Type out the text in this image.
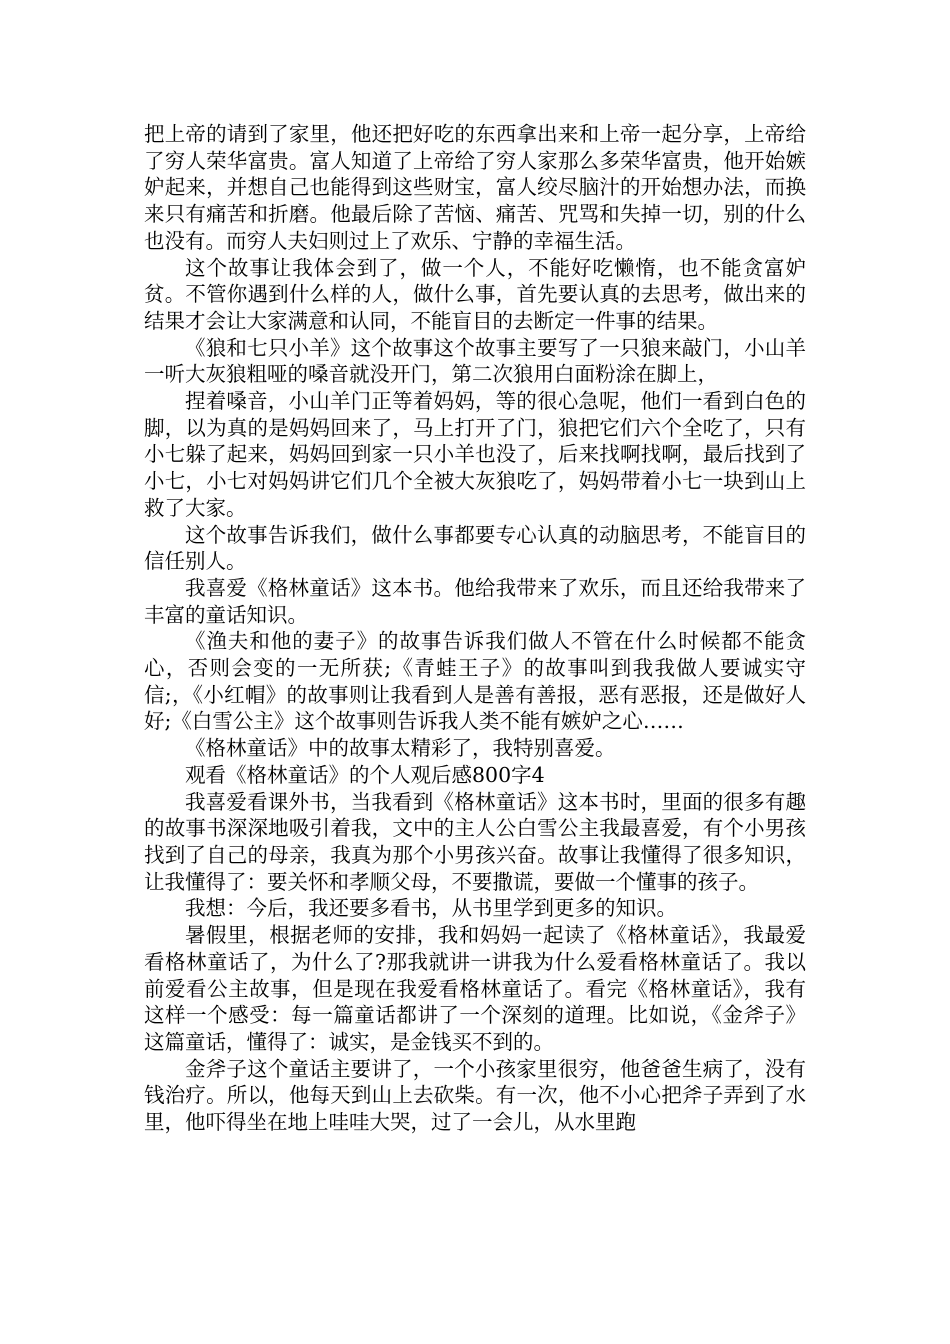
把上帝的请到了家里，他还把好吃的东西拿出来和上帝一起分享，上帝给了穷人荣华富贵。富人知道了上帝给了穷人家那么多荣华富贵，他开始嫉妒起来，并想自己也能得到这些财宝，富人绞尽脑汁的开始想办法，而换来只有痛苦和折磨。他最后除了苦恼、痛苦、咒骂和失掉一切，别的什么也没有。而穷人夫妇则过上了欢乐、宁静的幸福生活。

这个故事让我体会到了，做一个人，不能好吃懒惰，也不能贪富妒贫。不管你遇到什么样的人，做什么事，首先要认真的去思考，做出来的结果才会让大家满意和认同，不能盲目的去断定一件事的结果。

《狼和七只小羊》这个故事这个故事主要写了一只狼来敲门，小山羊一听大灰狼粗哑的嗓音就没开门，第二次狼用白面粉涂在脚上，

捏着嗓音，小山羊门正等着妈妈，等的很心急呢，他们一看到白色的脚，以为真的是妈妈回来了，马上打开了门，狼把它们六个全吃了，只有小七躲了起来，妈妈回到家一只小羊也没了，后来找啊找啊，最后找到了小七，小七对妈妈讲它们几个全被大灰狼吃了，妈妈带着小七一块到山上救了大家。

这个故事告诉我们，做什么事都要专心认真的动脑思考，不能盲目的信任别人。

我喜爱《格林童话》这本书。他给我带来了欢乐，而且还给我带来了丰富的童话知识。

《渔夫和他的妻子》的故事告诉我们做人不管在什么时候都不能贪心，否则会变的一无所获;《青蛙王子》的故事叫到我我做人要诚实守信;，《小红帽》的故事则让我看到人是善有善报，恶有恶报，还是做好人好;《白雪公主》这个故事则告诉我人类不能有嫉妒之心……

《格林童话》中的故事太精彩了，我特别喜爱。

观看《格林童话》的个人观后感800字4

我喜爱看课外书，当我看到《格林童话》这本书时，里面的很多有趣的故事书深深地吸引着我，文中的主人公白雪公主我最喜爱，有个小男孩找到了自己的母亲，我真为那个小男孩兴奋。故事让我懂得了很多知识，让我懂得了：要关怀和孝顺父母，不要撒谎，要做一个懂事的孩子。

我想：今后，我还要多看书，从书里学到更多的知识。

暑假里，根据老师的安排，我和妈妈一起读了《格林童话》，我最爱看格林童话了，为什么了?那我就讲一讲我为什么爱看格林童话了。我以前爱看公主故事，但是现在我爱看格林童话了。看完《格林童话》，我有这样一个感受：每一篇童话都讲了一个深刻的道理。比如说，《金斧子》这篇童话，懂得了：诚实，是金钱买不到的。

金斧子这个童话主要讲了，一个小孩家里很穷，他爸爸生病了，没有钱治疗。所以，他每天到山上去砍柴。有一次，他不小心把斧子弄到了水里，他吓得坐在地上哇哇大哭，过了一会儿，从水里跑
